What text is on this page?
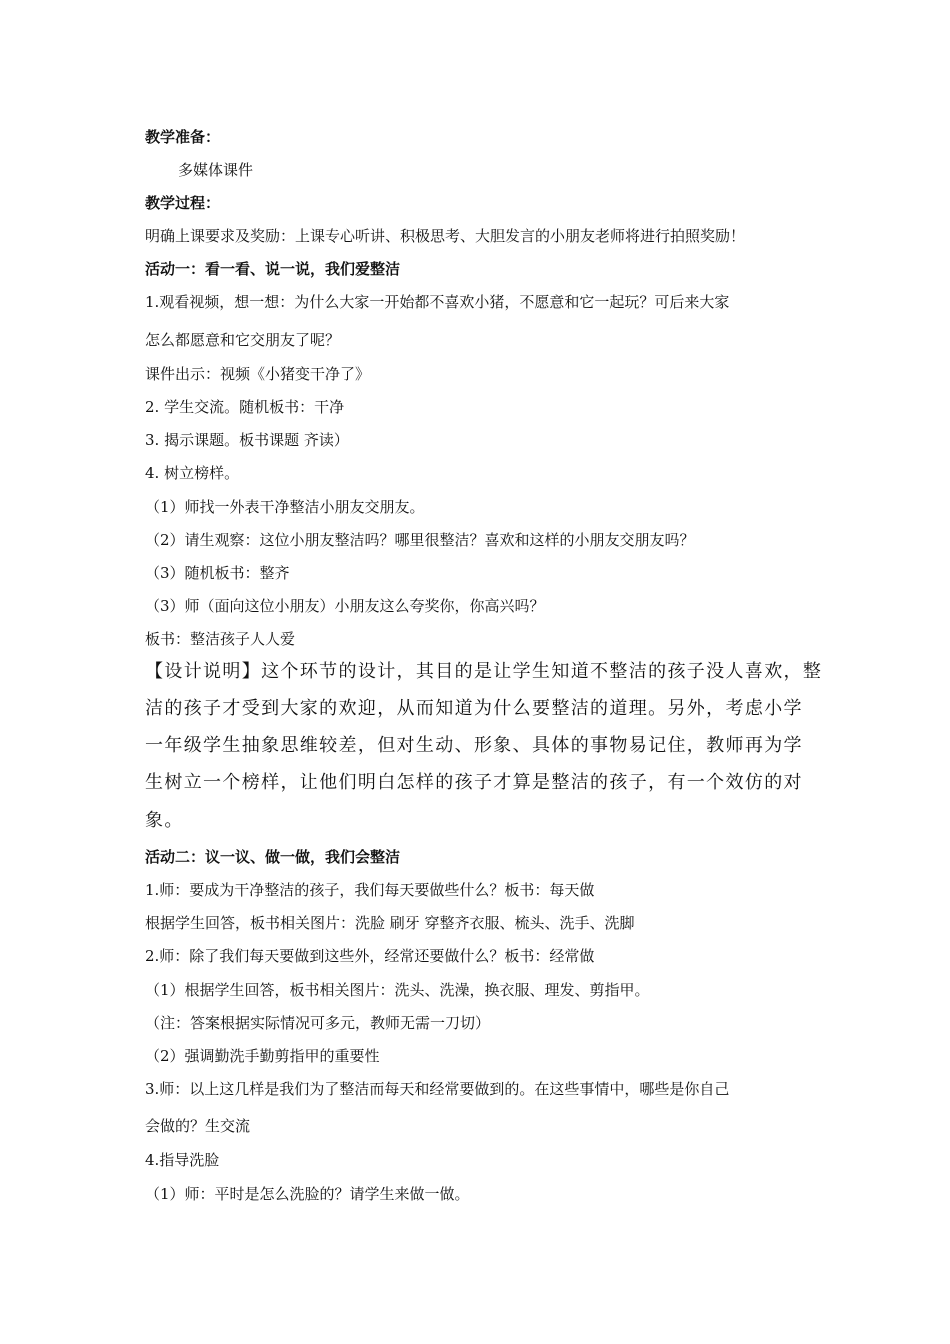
教学准备：
多媒体课件
教学过程：
明确上课要求及奖励：上课专心听讲、积极思考、大胆发言的小朋友老师将进行拍照奖励！
活动一：看一看、说一说，我们爱整洁
1.观看视频，想一想：为什么大家一开始都不喜欢小猪，不愿意和它一起玩？可后来大家
怎么都愿意和它交朋友了呢？
课件出示：视频《小猪变干净了》
2. 学生交流。随机板书：干净
3. 揭示课题。板书课题 齐读）
4. 树立榜样。
（1）师找一外表干净整洁小朋友交朋友。
（2）请生观察：这位小朋友整洁吗？哪里很整洁？喜欢和这样的小朋友交朋友吗？
（3）随机板书：整齐
（3）师（面向这位小朋友）小朋友这么夸奖你，你高兴吗？
板书：整洁孩子人人爱
【设计说明】这个环节的设计，其目的是让学生知道不整洁的孩子没人喜欢，整
洁的孩子才受到大家的欢迎，从而知道为什么要整洁的道理。另外，考虑小学
一年级学生抽象思维较差，但对生动、形象、具体的事物易记住，教师再为学
生树立一个榜样，让他们明白怎样的孩子才算是整洁的孩子，有一个效仿的对
象。
活动二：议一议、做一做，我们会整洁
1.师：要成为干净整洁的孩子，我们每天要做些什么？板书：每天做
根据学生回答，板书相关图片：洗脸 刷牙 穿整齐衣服、梳头、洗手、洗脚
2.师：除了我们每天要做到这些外，经常还要做什么？板书：经常做
（1）根据学生回答，板书相关图片：洗头、洗澡，换衣服、理发、剪指甲。
（注：答案根据实际情况可多元，教师无需一刀切）
（2）强调勤洗手勤剪指甲的重要性
3.师：以上这几样是我们为了整洁而每天和经常要做到的。在这些事情中，哪些是你自己
会做的？生交流
4.指导洗脸
（1）师：平时是怎么洗脸的？请学生来做一做。
